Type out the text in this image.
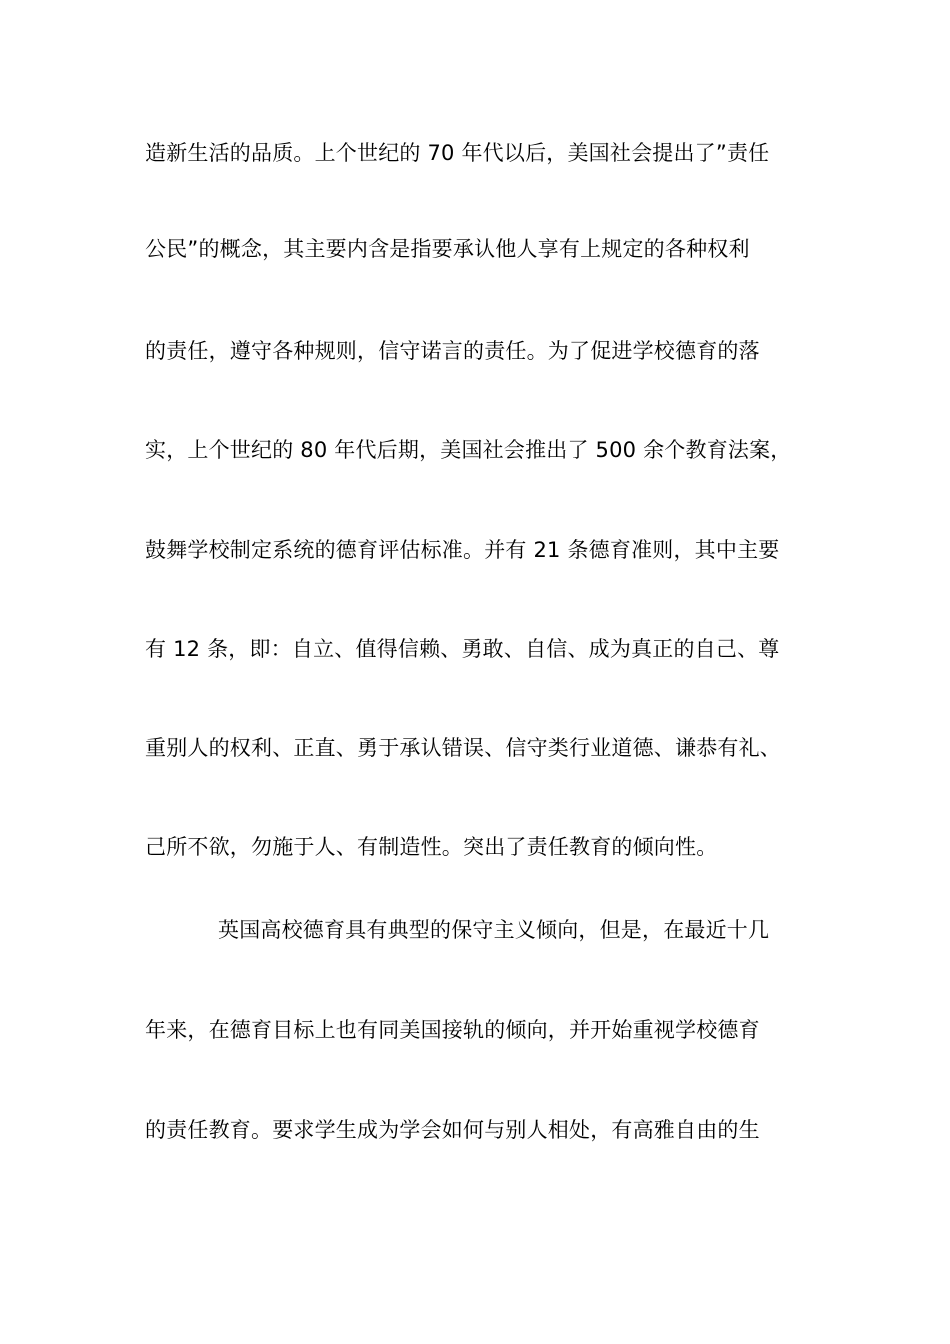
造新生活的品质。上个世纪的 70 年代以后，美国社会提出了”责任
公民”的概念，其主要内含是指要承认他人享有上规定的各种权利
的责任，遵守各种规则，信守诺言的责任。为了促进学校德育的落
实，上个世纪的 80 年代后期，美国社会推出了 500 余个教育法案，
鼓舞学校制定系统的德育评估标准。并有 21 条德育准则，其中主要
有 12 条，即：自立、值得信赖、勇敢、自信、成为真正的自己、尊
重别人的权利、正直、勇于承认错误、信守类行业道德、谦恭有礼、
己所不欲，勿施于人、有制造性。突出了责任教育的倾向性。
英国高校德育具有典型的保守主义倾向，但是，在最近十几
年来，在德育目标上也有同美国接轨的倾向，并开始重视学校德育
的责任教育。要求学生成为学会如何与别人相处，有高雅自由的生
